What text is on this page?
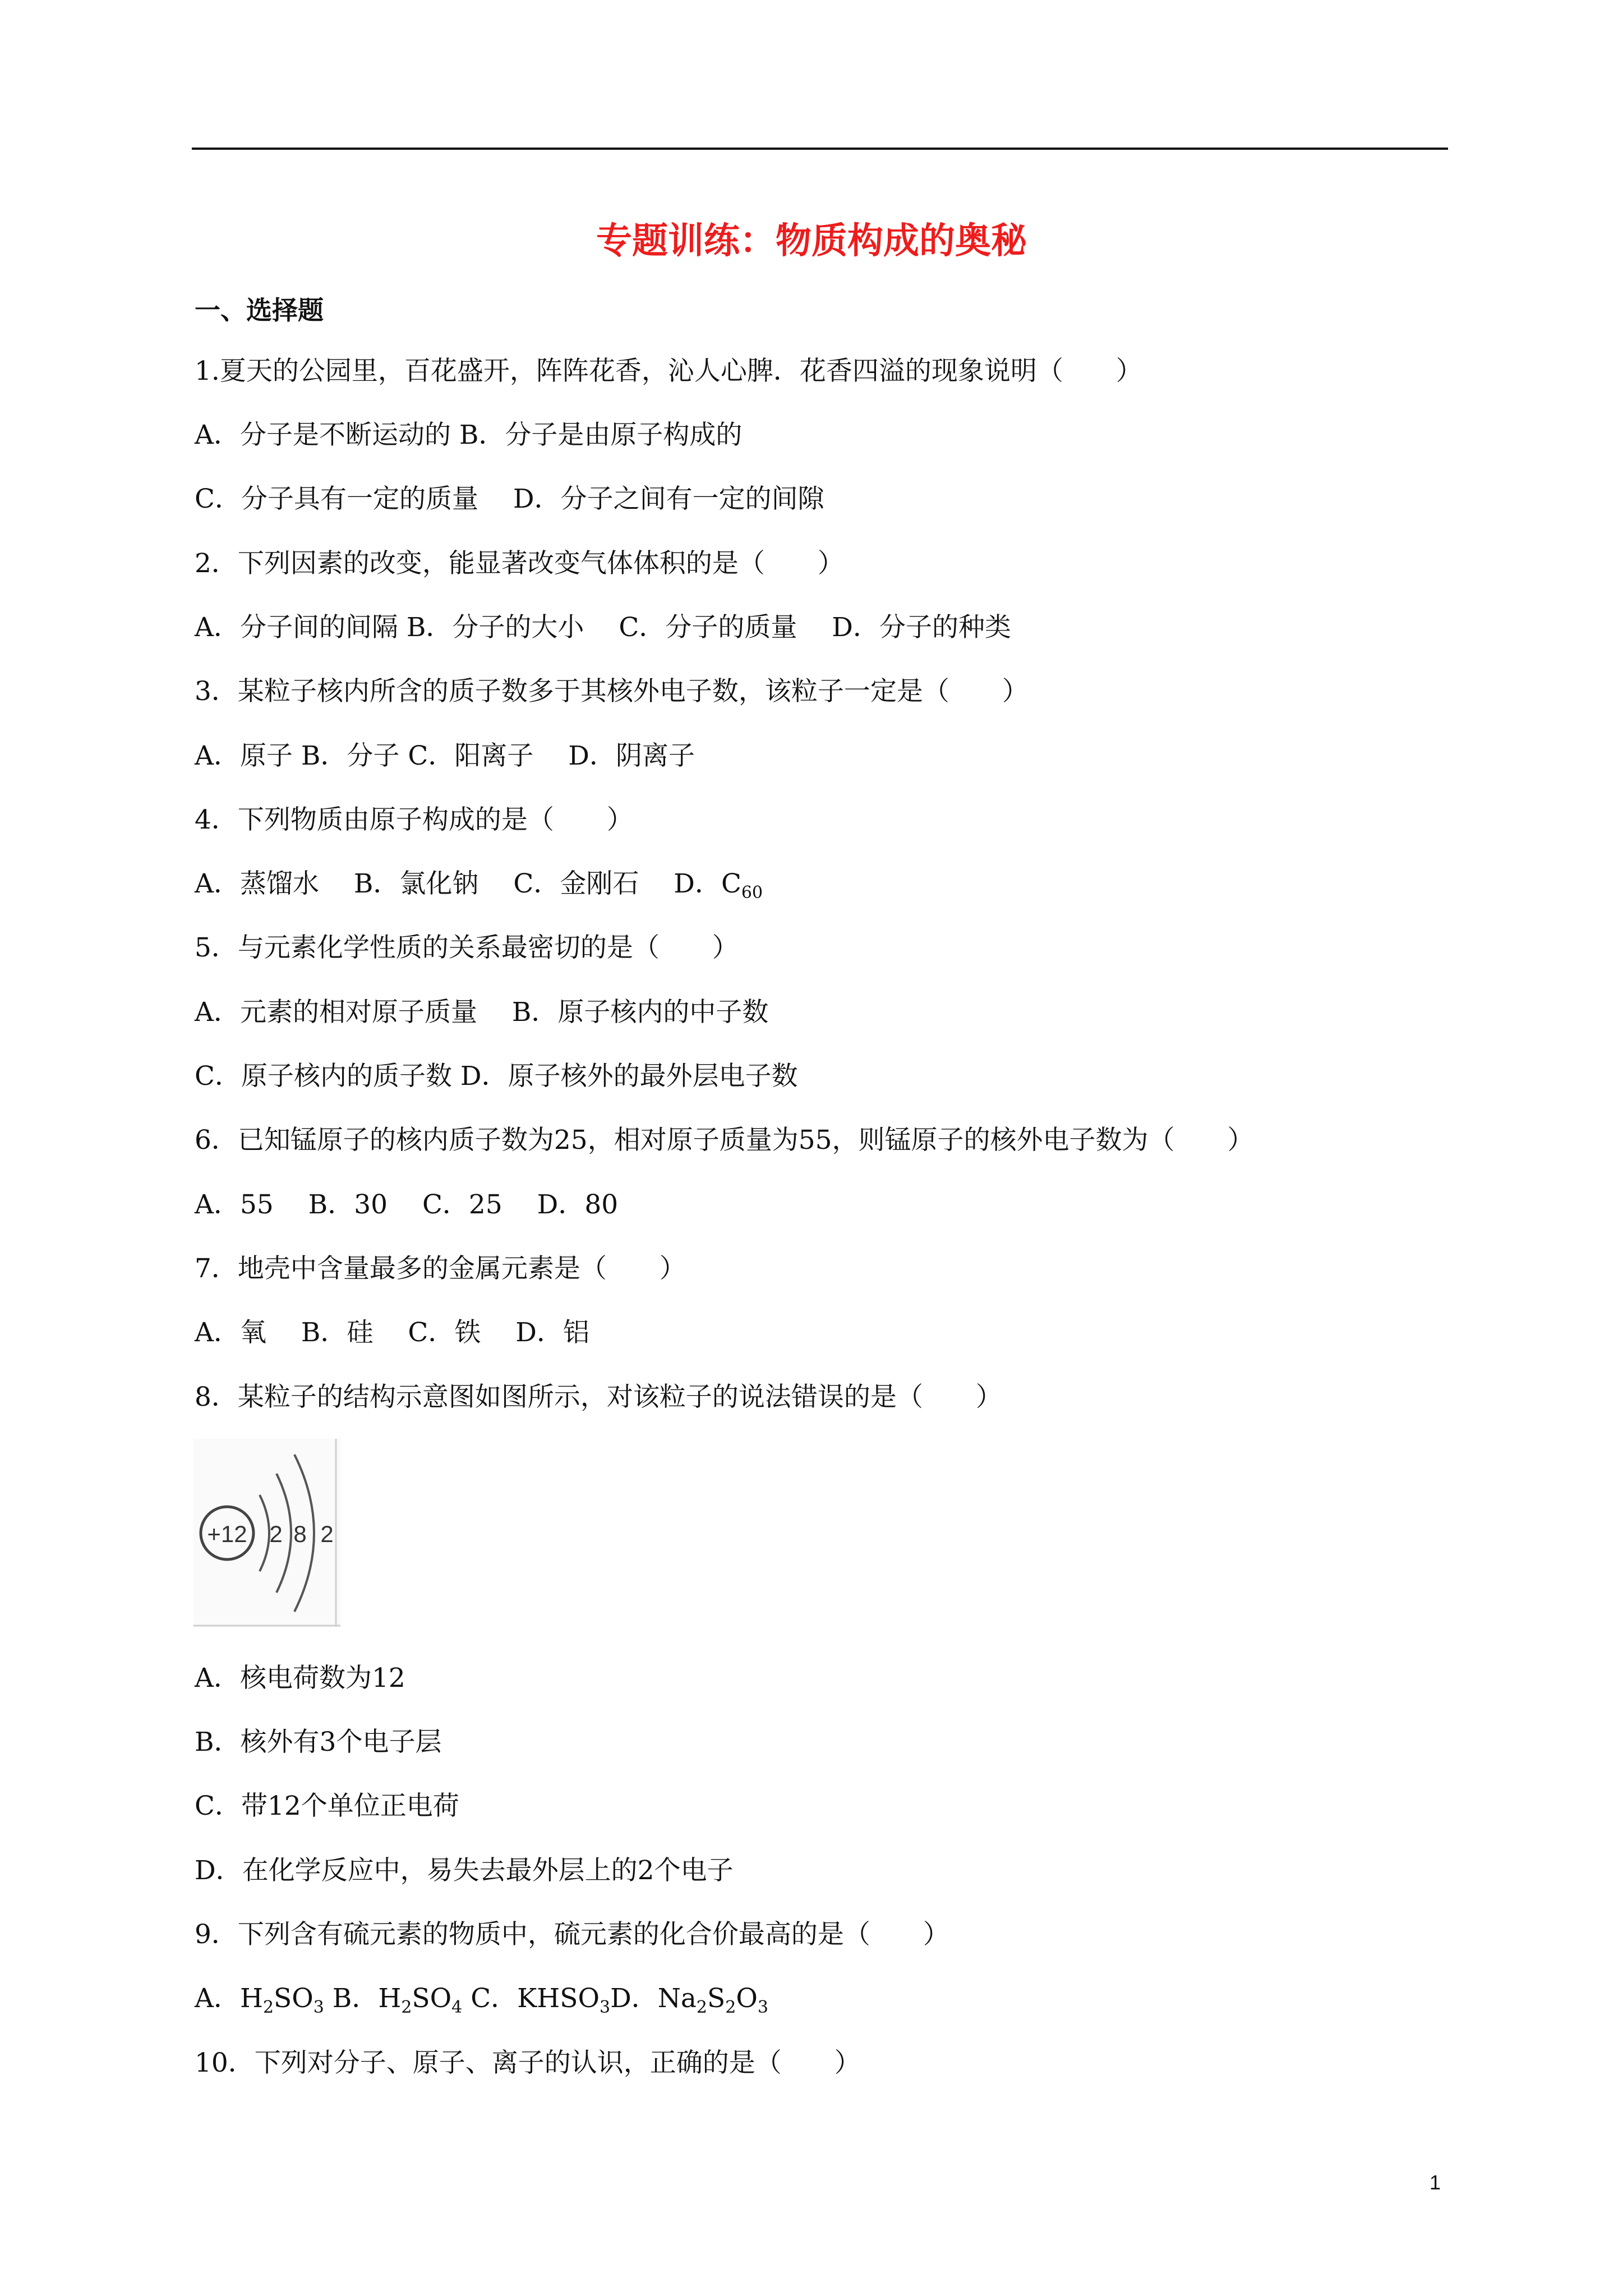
专题训练：物质构成的奥秘
一、选择题
1.夏天的公园里，百花盛开，阵阵花香，沁人心脾．花香四溢的现象说明（　　）
A．分子是不断运动的 B．分子是由原子构成的
C．分子具有一定的质量　 D．分子之间有一定的间隙
2．下列因素的改变，能显著改变气体体积的是（　　）
A．分子间的间隔 B．分子的大小　 C．分子的质量　 D．分子的种类
3．某粒子核内所含的质子数多于其核外电子数，该粒子一定是（　　）
A．原子 B．分子 C．阳离子　 D．阴离子
4．下列物质由原子构成的是（　　）
A．蒸馏水　 B．氯化钠　 C．金刚石　 D．$C_{60}$
5．与元素化学性质的关系最密切的是（　　）
A．元素的相对原子质量　 B．原子核内的中子数
C．原子核内的质子数 D．原子核外的最外层电子数
6．已知锰原子的核内质子数为25，相对原子质量为55，则锰原子的核外电子数为（　　）
A．55　 B．30　 C．25　 D．80
7．地壳中含量最多的金属元素是（　　）
A．氧　 B．硅　 C．铁　 D．铝
8．某粒子的结构示意图如图所示，对该粒子的说法错误的是（　　）
+12 2 8 2
A．核电荷数为12
B．核外有3个电子层
C．带12个单位正电荷
D．在化学反应中，易失去最外层上的2个电子
9．下列含有硫元素的物质中，硫元素的化合价最高的是（　　）
A．$H_2SO_3$ B．$H_2SO_4$ C．$KHSO_3D$．$Na_2S_2O_3$
10．下列对分子、原子、离子的认识，正确的是（　　）
1
